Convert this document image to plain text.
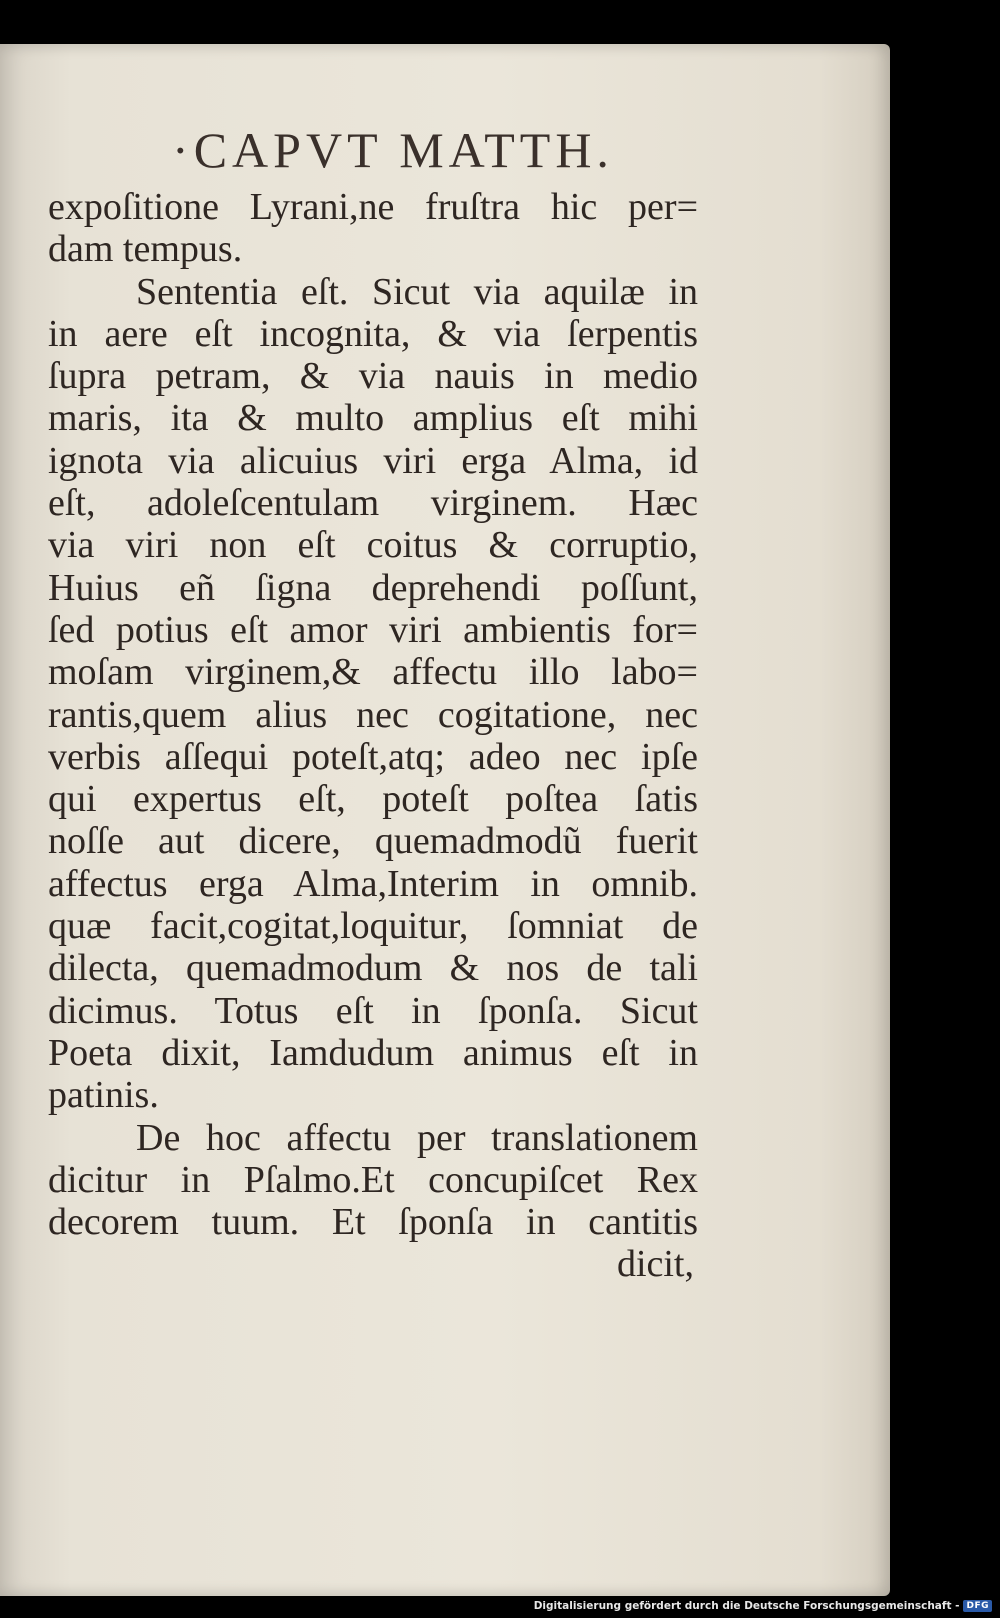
·CAPVT MATTH.
expoſitione Lyrani,ne fruſtra hic per=
dam tempus.
Sententia eſt. Sicut via aquilæ in
in aere eſt incognita, & via ſerpentis
ſupra petram, & via nauis in medio
maris, ita & multo amplius eſt mihi
ignota via alicuius viri erga Alma, id
eſt, adoleſcentulam virginem. Hæc
via viri non eſt coitus & corruptio,
Huius eñ ſigna deprehendi poſſunt,
ſed potius eſt amor viri ambientis for=
moſam virginem,& affectu illo labo=
rantis,quem alius nec cogitatione, nec
verbis aſſequi poteſt,atq; adeo nec ipſe
qui expertus eſt, poteſt poſtea ſatis
noſſe aut dicere, quemadmodũ fuerit
affectus erga Alma,Interim in omnib.
quæ facit,cogitat,loquitur, ſomniat de
dilecta, quemadmodum & nos de tali
dicimus. Totus eſt in ſponſa. Sicut
Poeta dixit, Iamdudum animus eſt in
patinis.
De hoc affectu per translationem
dicitur in Pſalmo.Et concupiſcet Rex
decorem tuum. Et ſponſa in cantitis
dicit,
Digitalisierung gefördert durch die Deutsche Forschungsgemeinschaft - DFG
